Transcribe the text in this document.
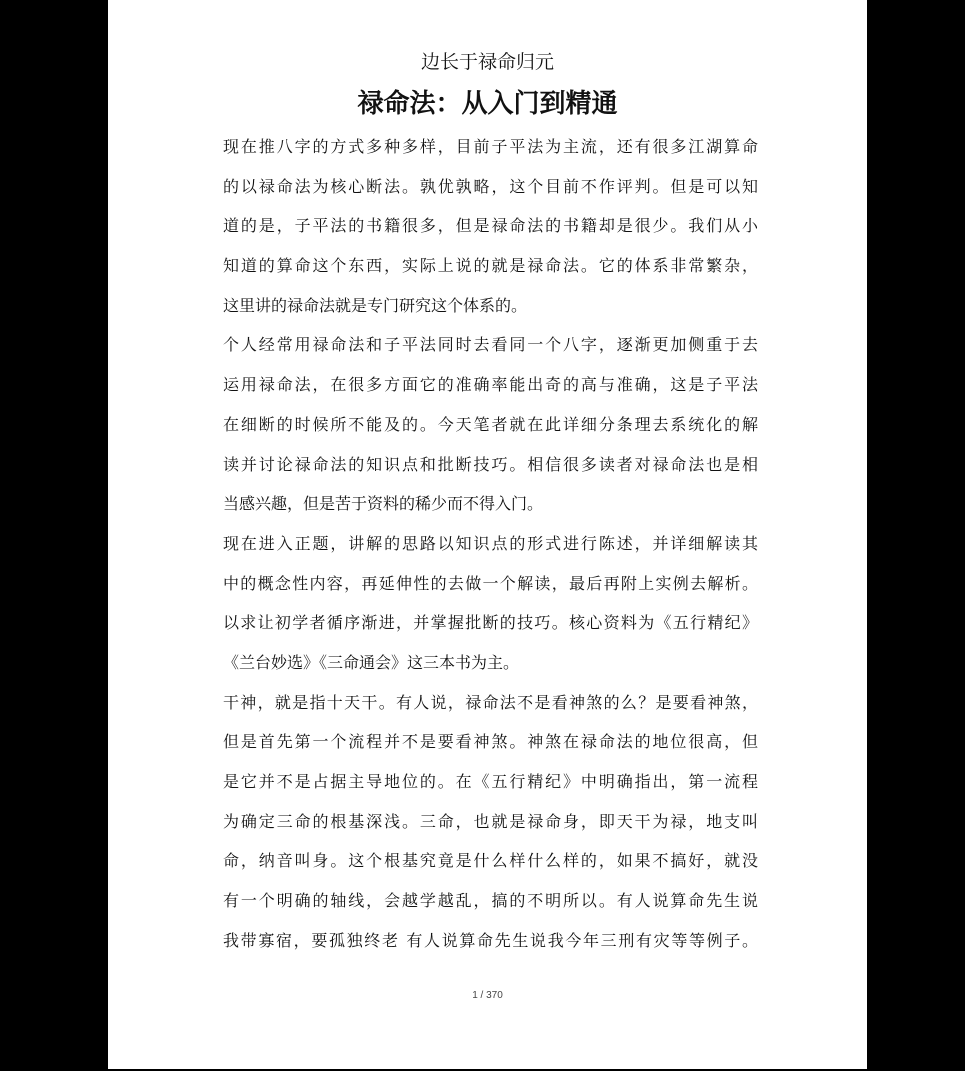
边长于禄命归元
禄命法：从入门到精通
现在推八字的方式多种多样，目前子平法为主流，还有很多江湖算命
的以禄命法为核心断法。孰优孰略，这个目前不作评判。但是可以知
道的是，子平法的书籍很多，但是禄命法的书籍却是很少。我们从小
知道的算命这个东西，实际上说的就是禄命法。它的体系非常繁杂，
这里讲的禄命法就是专门研究这个体系的。
个人经常用禄命法和子平法同时去看同一个八字，逐渐更加侧重于去
运用禄命法，在很多方面它的准确率能出奇的高与准确，这是子平法
在细断的时候所不能及的。今天笔者就在此详细分条理去系统化的解
读并讨论禄命法的知识点和批断技巧。相信很多读者对禄命法也是相
当感兴趣，但是苦于资料的稀少而不得入门。
现在进入正题，讲解的思路以知识点的形式进行陈述，并详细解读其
中的概念性内容，再延伸性的去做一个解读，最后再附上实例去解析。
以求让初学者循序渐进，并掌握批断的技巧。核心资料为《五行精纪》
《兰台妙选》《三命通会》这三本书为主。
干神，就是指十天干。有人说，禄命法不是看神煞的么？是要看神煞，
但是首先第一个流程并不是要看神煞。神煞在禄命法的地位很高，但
是它并不是占据主导地位的。在《五行精纪》中明确指出，第一流程
为确定三命的根基深浅。三命，也就是禄命身，即天干为禄，地支叫
命，纳音叫身。这个根基究竟是什么样什么样的，如果不搞好，就没
有一个明确的轴线，会越学越乱，搞的不明所以。有人说算命先生说
我带寡宿，要孤独终老 有人说算命先生说我今年三刑有灾等等例子。
1 / 370
